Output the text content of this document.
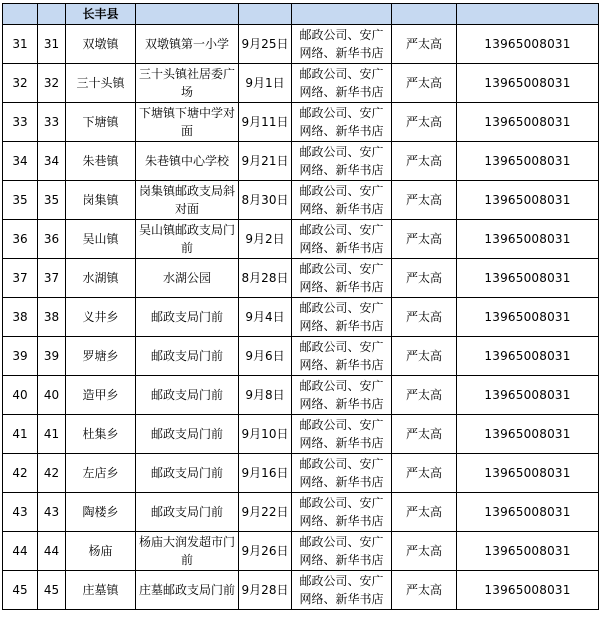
		长丰县					
31	31	双墩镇	双墩镇第一小学	9月25日	邮政公司、安广网络、新华书店	严太高	13965008031
32	32	三十头镇	三十头镇社居委广场	9月1日	邮政公司、安广网络、新华书店	严太高	13965008031
33	33	下塘镇	下塘镇下塘中学对面	9月11日	邮政公司、安广网络、新华书店	严太高	13965008031
34	34	朱巷镇	朱巷镇中心学校	9月21日	邮政公司、安广网络、新华书店	严太高	13965008031
35	35	岗集镇	岗集镇邮政支局斜对面	8月30日	邮政公司、安广网络、新华书店	严太高	13965008031
36	36	吴山镇	吴山镇邮政支局门前	9月2日	邮政公司、安广网络、新华书店	严太高	13965008031
37	37	水湖镇	水湖公园	8月28日	邮政公司、安广网络、新华书店	严太高	13965008031
38	38	义井乡	邮政支局门前	9月4日	邮政公司、安广网络、新华书店	严太高	13965008031
39	39	罗塘乡	邮政支局门前	9月6日	邮政公司、安广网络、新华书店	严太高	13965008031
40	40	造甲乡	邮政支局门前	9月8日	邮政公司、安广网络、新华书店	严太高	13965008031
41	41	杜集乡	邮政支局门前	9月10日	邮政公司、安广网络、新华书店	严太高	13965008031
42	42	左店乡	邮政支局门前	9月16日	邮政公司、安广网络、新华书店	严太高	13965008031
43	43	陶楼乡	邮政支局门前	9月22日	邮政公司、安广网络、新华书店	严太高	13965008031
44	44	杨庙	杨庙大润发超市门前	9月26日	邮政公司、安广网络、新华书店	严太高	13965008031
45	45	庄墓镇	庄墓邮政支局门前	9月28日	邮政公司、安广网络、新华书店	严太高	13965008031
